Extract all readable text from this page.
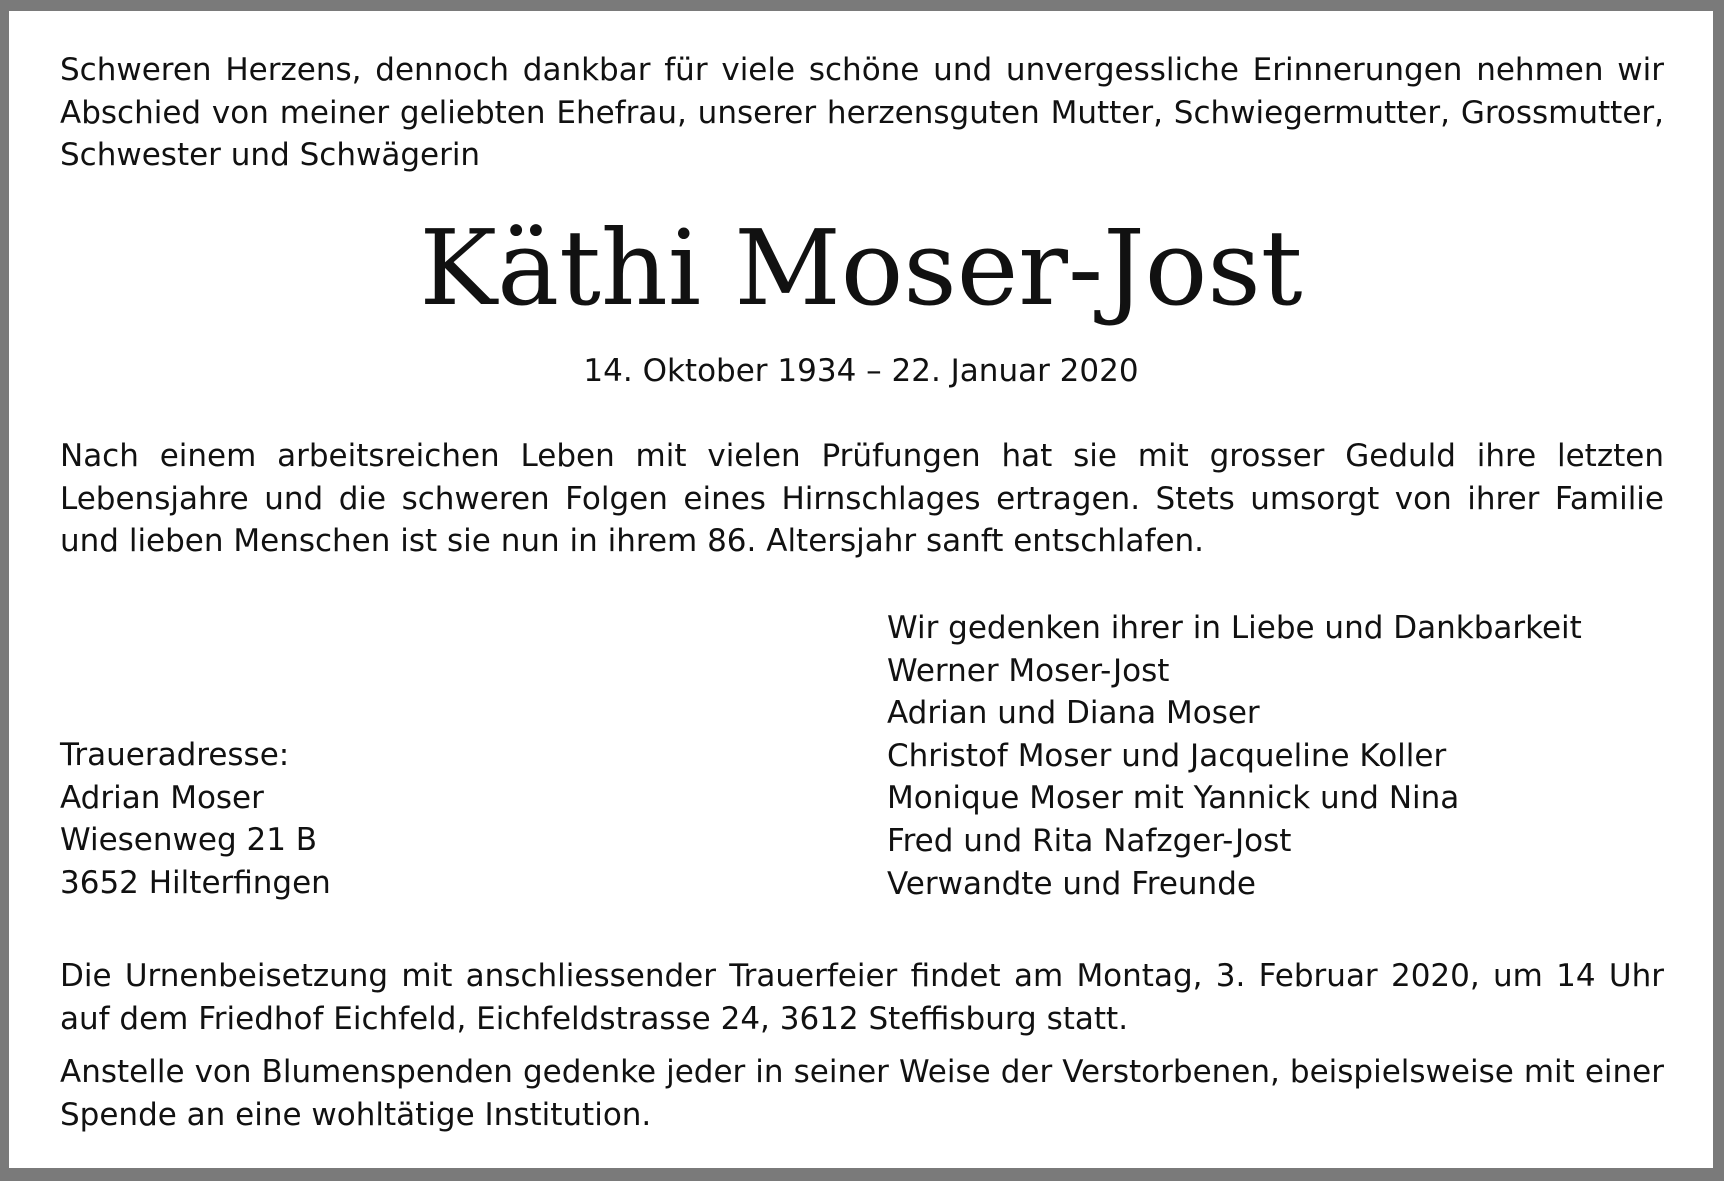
Schweren Herzens, dennoch dankbar für viele schöne und unvergessliche Erinnerungen nehmen wir Abschied von meiner geliebten Ehefrau, unserer herzensguten Mutter, Schwiegermutter, Grossmutter, Schwester und Schwägerin
Käthi Moser-Jost
14. Oktober 1934 – 22. Januar 2020
Nach einem arbeitsreichen Leben mit vielen Prüfungen hat sie mit grosser Geduld ihre letzten Lebensjahre und die schweren Folgen eines Hirnschlages ertragen. Stets umsorgt von ihrer Familie und lieben Menschen ist sie nun in ihrem 86. Altersjahr sanft entschlafen.
Traueradresse:
Adrian Moser
Wiesenweg 21 B
3652 Hilterfingen
Wir gedenken ihrer in Liebe und Dankbarkeit
Werner Moser-Jost
Adrian und Diana Moser
Christof Moser und Jacqueline Koller
Monique Moser mit Yannick und Nina
Fred und Rita Nafzger-Jost
Verwandte und Freunde
Die Urnenbeisetzung mit anschliessender Trauerfeier findet am Montag, 3. Februar 2020, um 14 Uhr auf dem Friedhof Eichfeld, Eichfeldstrasse 24, 3612 Steffisburg statt.
Anstelle von Blumenspenden gedenke jeder in seiner Weise der Verstorbenen, beispielsweise mit einer Spende an eine wohltätige Institution.
